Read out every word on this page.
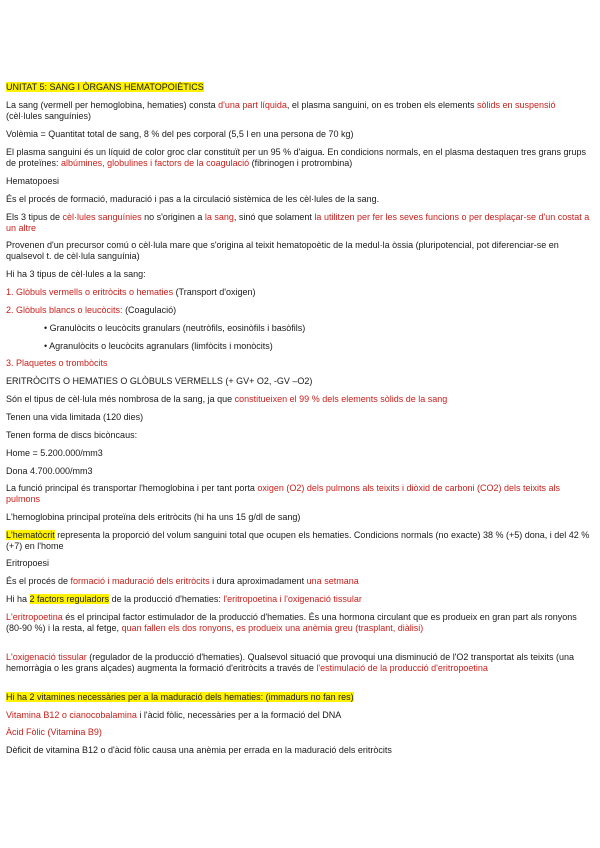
UNITAT 5: SANG I ÒRGANS HEMATOPOIÈTICS

La sang (vermell per hemoglobina, hematies) consta d'una part líquida, el plasma sanguini, on es troben els elements sòlids en suspensió (cèl·lules sanguínies)

Volèmia = Quantitat total de sang, 8 % del pes corporal (5,5 l en una persona de 70 kg)

El plasma sanguini és un líquid de color groc clar constituït per un 95 % d'aigua. En condicions normals, en el plasma destaquen tres grans grups de proteïnes: albúmines, globulines i factors de la coagulació (fibrinogen i protrombina)

Hematopoesi

És el procés de formació, maduració i pas a la circulació sistèmica de les cèl·lules de la sang.

Els 3 tipus de cèl·lules sanguínies no s'originen a la sang, sinó que solament la utilitzen per fer les seves funcions o per desplaçar-se d'un costat a un altre

Provenen d'un precursor comú o cèl·lula mare que s'origina al teixit hematopoètic de la medul·la òssia (pluripotencial, pot diferenciar-se en qualsevol t. de cèl·lula sanguínia)

Hi ha 3 tipus de cèl·lules a la sang:

1. Glòbuls vermells o eritròcits o hematies (Transport d'oxigen)

2. Glòbuls blancs o leucòcits: (Coagulació)

• Granulòcits o leucòcits granulars (neutròfils, eosinòfils i basòfils)

• Agranulòcits o leucòcits agranulars (limfòcits i monòcits)

3. Plaquetes o trombòcits

ERITRÒCITS O HEMATIES O GLÒBULS VERMELLS (+ GV+ O2, -GV –O2)

Són el tipus de cèl·lula més nombrosa de la sang, ja que constitueixen el 99 % dels elements sòlids de la sang

Tenen una vida limitada (120 dies)

Tenen forma de discs bicòncaus:

Home = 5.200.000/mm3

Dona 4.700.000/mm3

La funció principal és transportar l'hemoglobina i per tant porta oxigen (O2) dels pulmons als teixits i diòxid de carboni (CO2) dels teixits als pulmons

L'hemoglobina principal proteïna dels eritròcits (hi ha uns 15 g/dl de sang)

L'hematòcrit representa la proporció del volum sanguini total que ocupen els hematies. Condicions normals (no exacte) 38 % (+5) dona, i del 42 % (+7) en l'home

Eritropoesi

És el procés de formació i maduració dels eritròcits i dura aproximadament una setmana

Hi ha 2 factors reguladors de la producció d'hematies: l'eritropoetina i l'oxigenació tissular

L'eritropoetina és el principal factor estimulador de la producció d'hematies. És una hormona circulant que es produeix en gran part als ronyons (80-90 %) i la resta, al fetge, quan fallen els dos ronyons, es produeix una anèmia greu (trasplant, diàlisi)

L'oxigenació tissular (regulador de la producció d'hematies). Qualsevol situació que provoqui una disminució de l'O2 transportat als teixits (una hemorràgia o les grans alçades) augmenta la formació d'eritròcits a través de l'estimulació de la producció d'eritropoetina

Hi ha 2 vitamines necessàries per a la maduració dels hematies: (immadurs no fan res)

Vitamina B12 o cianocobalamina i l'àcid fòlic, necessàries per a la formació del DNA

Àcid Fòlic (Vitamina B9)

Dèficit de vitamina B12 o d'àcid fòlic causa una anèmia per errada en la maduració dels eritròcits
